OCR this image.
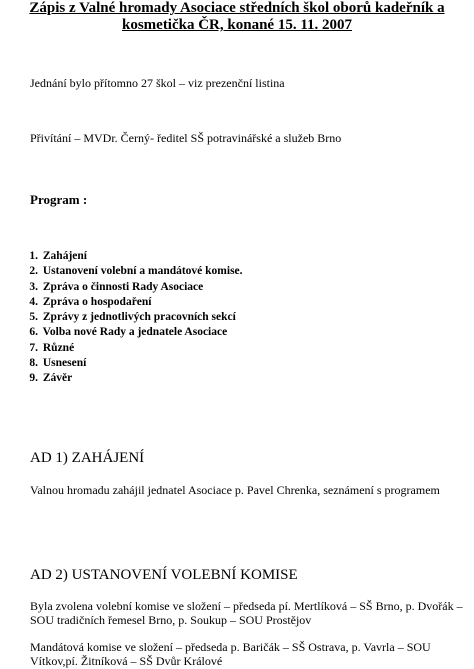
Zápis z Valné hromady Asociace středních škol oborů kadeřník a
kosmetička ČR, konané 15. 11. 2007
Jednání bylo přítomno 27 škol – viz prezenční listina
Přivítání – MVDr. Černý- ředitel SŠ potravinářské a služeb Brno
Program :
1. Zahájení
2. Ustanovení volební a mandátové komise.
3. Zpráva o činnosti Rady Asociace
4. Zpráva o hospodaření
5. Zprávy z jednotlivých pracovních sekcí
6. Volba nové Rady a jednatele Asociace
7. Různé
8. Usnesení
9. Závěr
AD 1) ZAHÁJENÍ
Valnou hromadu zahájil jednatel Asociace p. Pavel Chrenka, seznámení s programem
AD 2) USTANOVENÍ VOLEBNÍ KOMISE
Byla zvolena volební komise ve složení – předseda pí. Mertlíková – SŠ Brno, p. Dvořák –
SOU tradičních řemesel Brno, p. Soukup – SOU Prostějov
Mandátová komise ve složení – předseda p. Baričák – SŠ Ostrava, p. Vavrla – SOU
Vítkov,pí. Žitníková – SŠ Dvůr Králové
